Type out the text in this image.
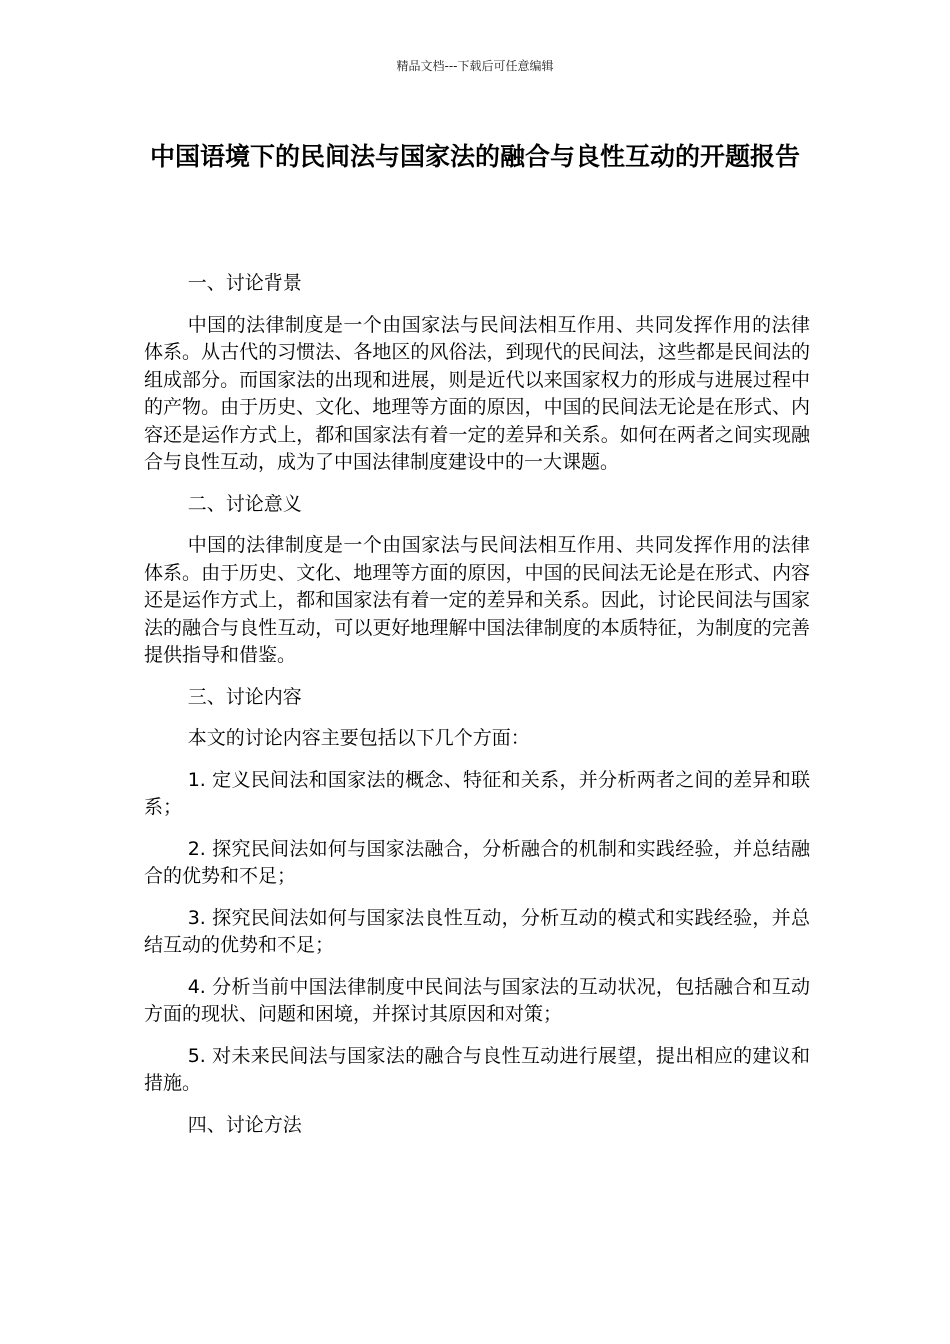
精品文档---下载后可任意编辑
中国语境下的民间法与国家法的融合与良性互动的开题报告

一、讨论背景

中国的法律制度是一个由国家法与民间法相互作用、共同发挥作用的法律体系。从古代的习惯法、各地区的风俗法，到现代的民间法，这些都是民间法的组成部分。而国家法的出现和进展，则是近代以来国家权力的形成与进展过程中的产物。由于历史、文化、地理等方面的原因，中国的民间法无论是在形式、内容还是运作方式上，都和国家法有着一定的差异和关系。如何在两者之间实现融合与良性互动，成为了中国法律制度建设中的一大课题。

二、讨论意义

中国的法律制度是一个由国家法与民间法相互作用、共同发挥作用的法律体系。由于历史、文化、地理等方面的原因，中国的民间法无论是在形式、内容还是运作方式上，都和国家法有着一定的差异和关系。因此，讨论民间法与国家法的融合与良性互动，可以更好地理解中国法律制度的本质特征，为制度的完善提供指导和借鉴。

三、讨论内容

本文的讨论内容主要包括以下几个方面：

1. 定义民间法和国家法的概念、特征和关系，并分析两者之间的差异和联系；

2. 探究民间法如何与国家法融合，分析融合的机制和实践经验，并总结融合的优势和不足；

3. 探究民间法如何与国家法良性互动，分析互动的模式和实践经验，并总结互动的优势和不足；

4. 分析当前中国法律制度中民间法与国家法的互动状况，包括融合和互动方面的现状、问题和困境，并探讨其原因和对策；

5. 对未来民间法与国家法的融合与良性互动进行展望，提出相应的建议和措施。

四、讨论方法
